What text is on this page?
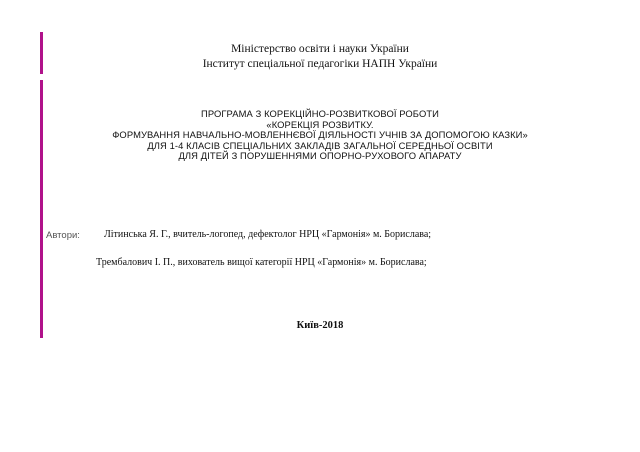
Міністерство освіти і науки України
Інститут спеціальної педагогіки НАПН України
ПРОГРАМА З КОРЕКЦІЙНО-РОЗВИТКОВОЇ РОБОТИ
«КОРЕКЦІЯ РОЗВИТКУ.
ФОРМУВАННЯ НАВЧАЛЬНО-МОВЛЕННЄВОЇ ДІЯЛЬНОСТІ УЧНІВ ЗА ДОПОМОГОЮ КАЗКИ»
ДЛЯ 1-4 КЛАСІВ СПЕЦІАЛЬНИХ ЗАКЛАДІВ ЗАГАЛЬНОЇ СЕРЕДНЬОЇ ОСВІТИ
ДЛЯ ДІТЕЙ З ПОРУШЕННЯМИ ОПОРНО-РУХОВОГО АПАРАТУ
Автори: Літинська Я. Г., вчитель-логопед, дефектолог НРЦ «Гармонія» м. Борислава;
Трембалович І. П., вихователь вищої категорії НРЦ «Гармонія» м. Борислава;
Київ-2018
